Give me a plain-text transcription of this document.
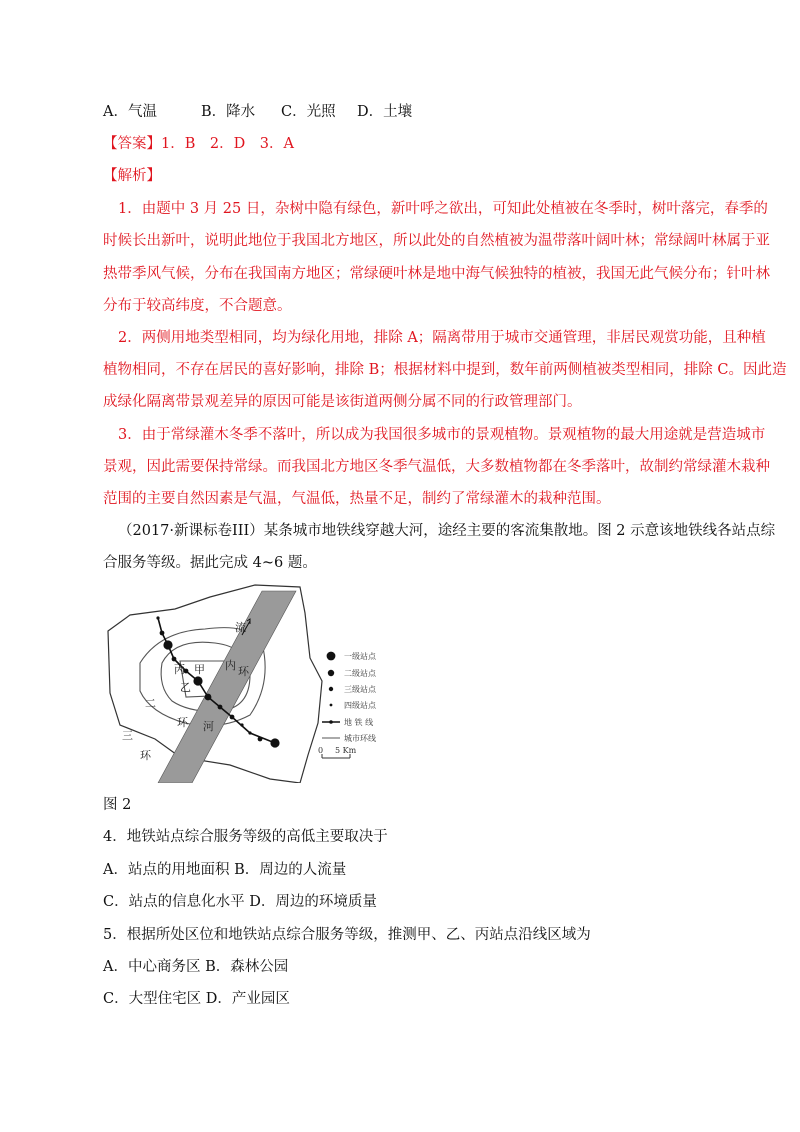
A．气温	B．降水 C．光照 D．土壤
【答案】1．B　2．D　3．A
【解析】
1．由题中 3 月 25 日，杂树中隐有绿色，新叶呼之欲出，可知此处植被在冬季时，树叶落完，春季的
时候长出新叶，说明此地位于我国北方地区，所以此处的自然植被为温带落叶阔叶林；常绿阔叶林属于亚
热带季风气候，分布在我国南方地区；常绿硬叶林是地中海气候独特的植被，我国无此气候分布；针叶林
分布于较高纬度，不合题意。
2．两侧用地类型相同，均为绿化用地，排除 A；隔离带用于城市交通管理，非居民观赏功能，且种植
植物相同，不存在居民的喜好影响，排除 B；根据材料中提到，数年前两侧植被类型相同，排除 C。因此造
成绿化隔离带景观差异的原因可能是该街道两侧分属不同的行政管理部门。
3．由于常绿灌木冬季不落叶，所以成为我国很多城市的景观植物。景观植物的最大用途就是营造城市
景观，因此需要保持常绿。而我国北方地区冬季气温低，大多数植物都在冬季落叶，故制约常绿灌木栽种
范围的主要自然因素是气温，气温低，热量不足，制约了常绿灌木的栽种范围。
（2017·新课标卷III）某条城市地铁线穿越大河，途经主要的客流集散地。图 2 示意该地铁线各站点综
合服务等级。据此完成 4~6 题。
流
河
内 环
二
环
三
环
丙 甲
乙
一级站点
二级站点
三级站点
四级站点
地 铁 线
城市环线
0 5 Km
图 2
4．地铁站点综合服务等级的高低主要取决于
A．站点的用地面积 B．周边的人流量
C．站点的信息化水平 D．周边的环境质量
5．根据所处区位和地铁站点综合服务等级，推测甲、乙、丙站点沿线区域为
A．中心商务区 B．森林公园
C．大型住宅区 D．产业园区
